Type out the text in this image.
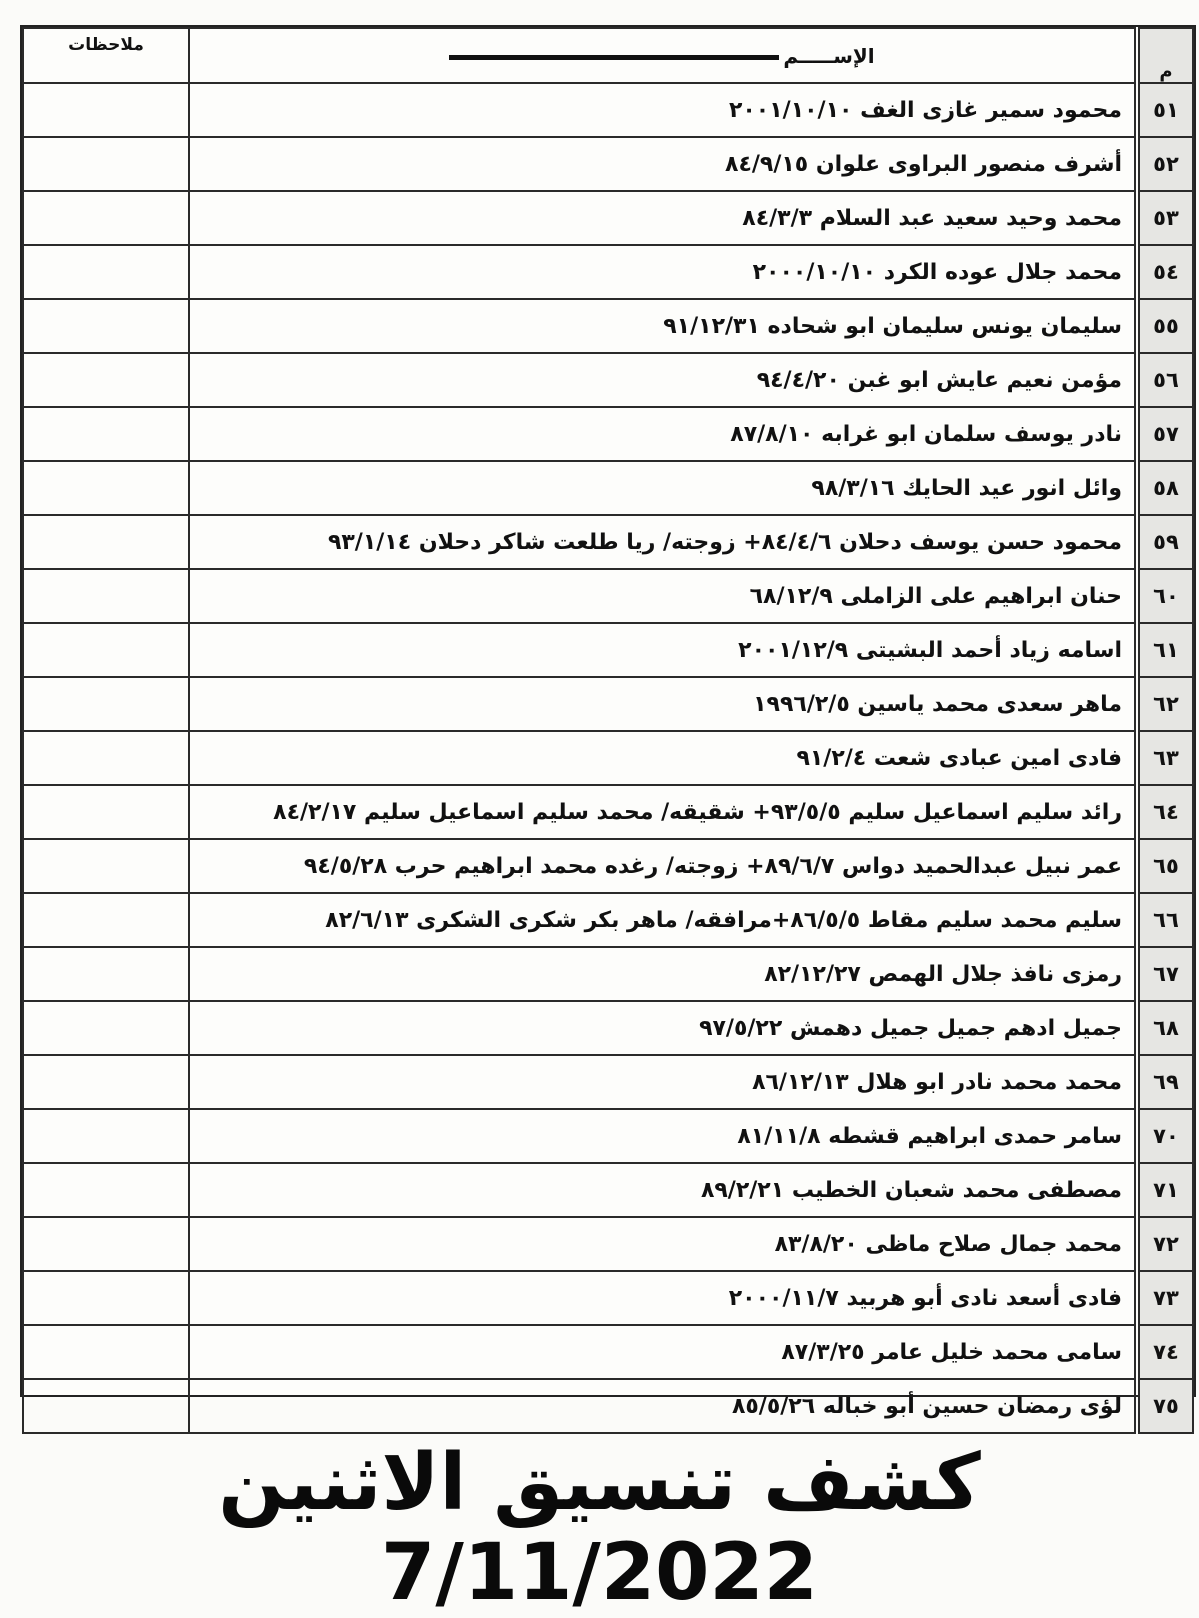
م	الإســـــم	ملاحظات
٥١	محمود سمير غازى الغف ٢٠٠١/١٠/١٠	
٥٢	أشرف منصور البراوى علوان ٨٤/٩/١٥	
٥٣	محمد وحيد سعيد عبد السلام ٨٤/٣/٣	
٥٤	محمد جلال عوده الكرد ٢٠٠٠/١٠/١٠	
٥٥	سليمان يونس سليمان ابو شحاده ٩١/١٢/٣١	
٥٦	مؤمن نعيم عايش ابو غبن ٩٤/٤/٢٠	
٥٧	نادر يوسف سلمان ابو غرابه ٨٧/٨/١٠	
٥٨	وائل انور عيد الحايك ٩٨/٣/١٦	
٥٩	محمود حسن يوسف دحلان ٨٤/٤/٦+ زوجته/ ريا طلعت شاكر دحلان ٩٣/١/١٤	
٦٠	حنان ابراهيم على الزاملى ٦٨/١٢/٩	
٦١	اسامه زياد أحمد البشيتى ٢٠٠١/١٢/٩	
٦٢	ماهر سعدى محمد ياسين ١٩٩٦/٢/٥	
٦٣	فادى امين عبادى شعت ٩١/٢/٤	
٦٤	رائد سليم اسماعيل سليم ٩٣/٥/٥+ شقيقه/ محمد سليم اسماعيل سليم ٨٤/٢/١٧	
٦٥	عمر نبيل عبدالحميد دواس ٨٩/٦/٧+ زوجته/ رغده محمد ابراهيم حرب ٩٤/٥/٢٨	
٦٦	سليم محمد سليم مقاط ٨٦/٥/٥+مرافقه/ ماهر بكر شكرى الشكرى ٨٢/٦/١٣	
٦٧	رمزى نافذ جلال الهمص ٨٢/١٢/٢٧	
٦٨	جميل ادهم جميل جميل دهمش ٩٧/٥/٢٢	
٦٩	محمد محمد نادر ابو هلال ٨٦/١٢/١٣	
٧٠	سامر حمدى ابراهيم قشطه ٨١/١١/٨	
٧١	مصطفى محمد شعبان الخطيب ٨٩/٢/٢١	
٧٢	محمد جمال صلاح ماظى ٨٣/٨/٢٠	
٧٣	فادى أسعد نادى أبو هربيد ٢٠٠٠/١١/٧	
٧٤	سامى محمد خليل عامر ٨٧/٣/٢٥	
٧٥	لؤى رمضان حسين أبو خباله ٨٥/٥/٢٦	
كشف تنسيق الاثنين 7/11/2022
